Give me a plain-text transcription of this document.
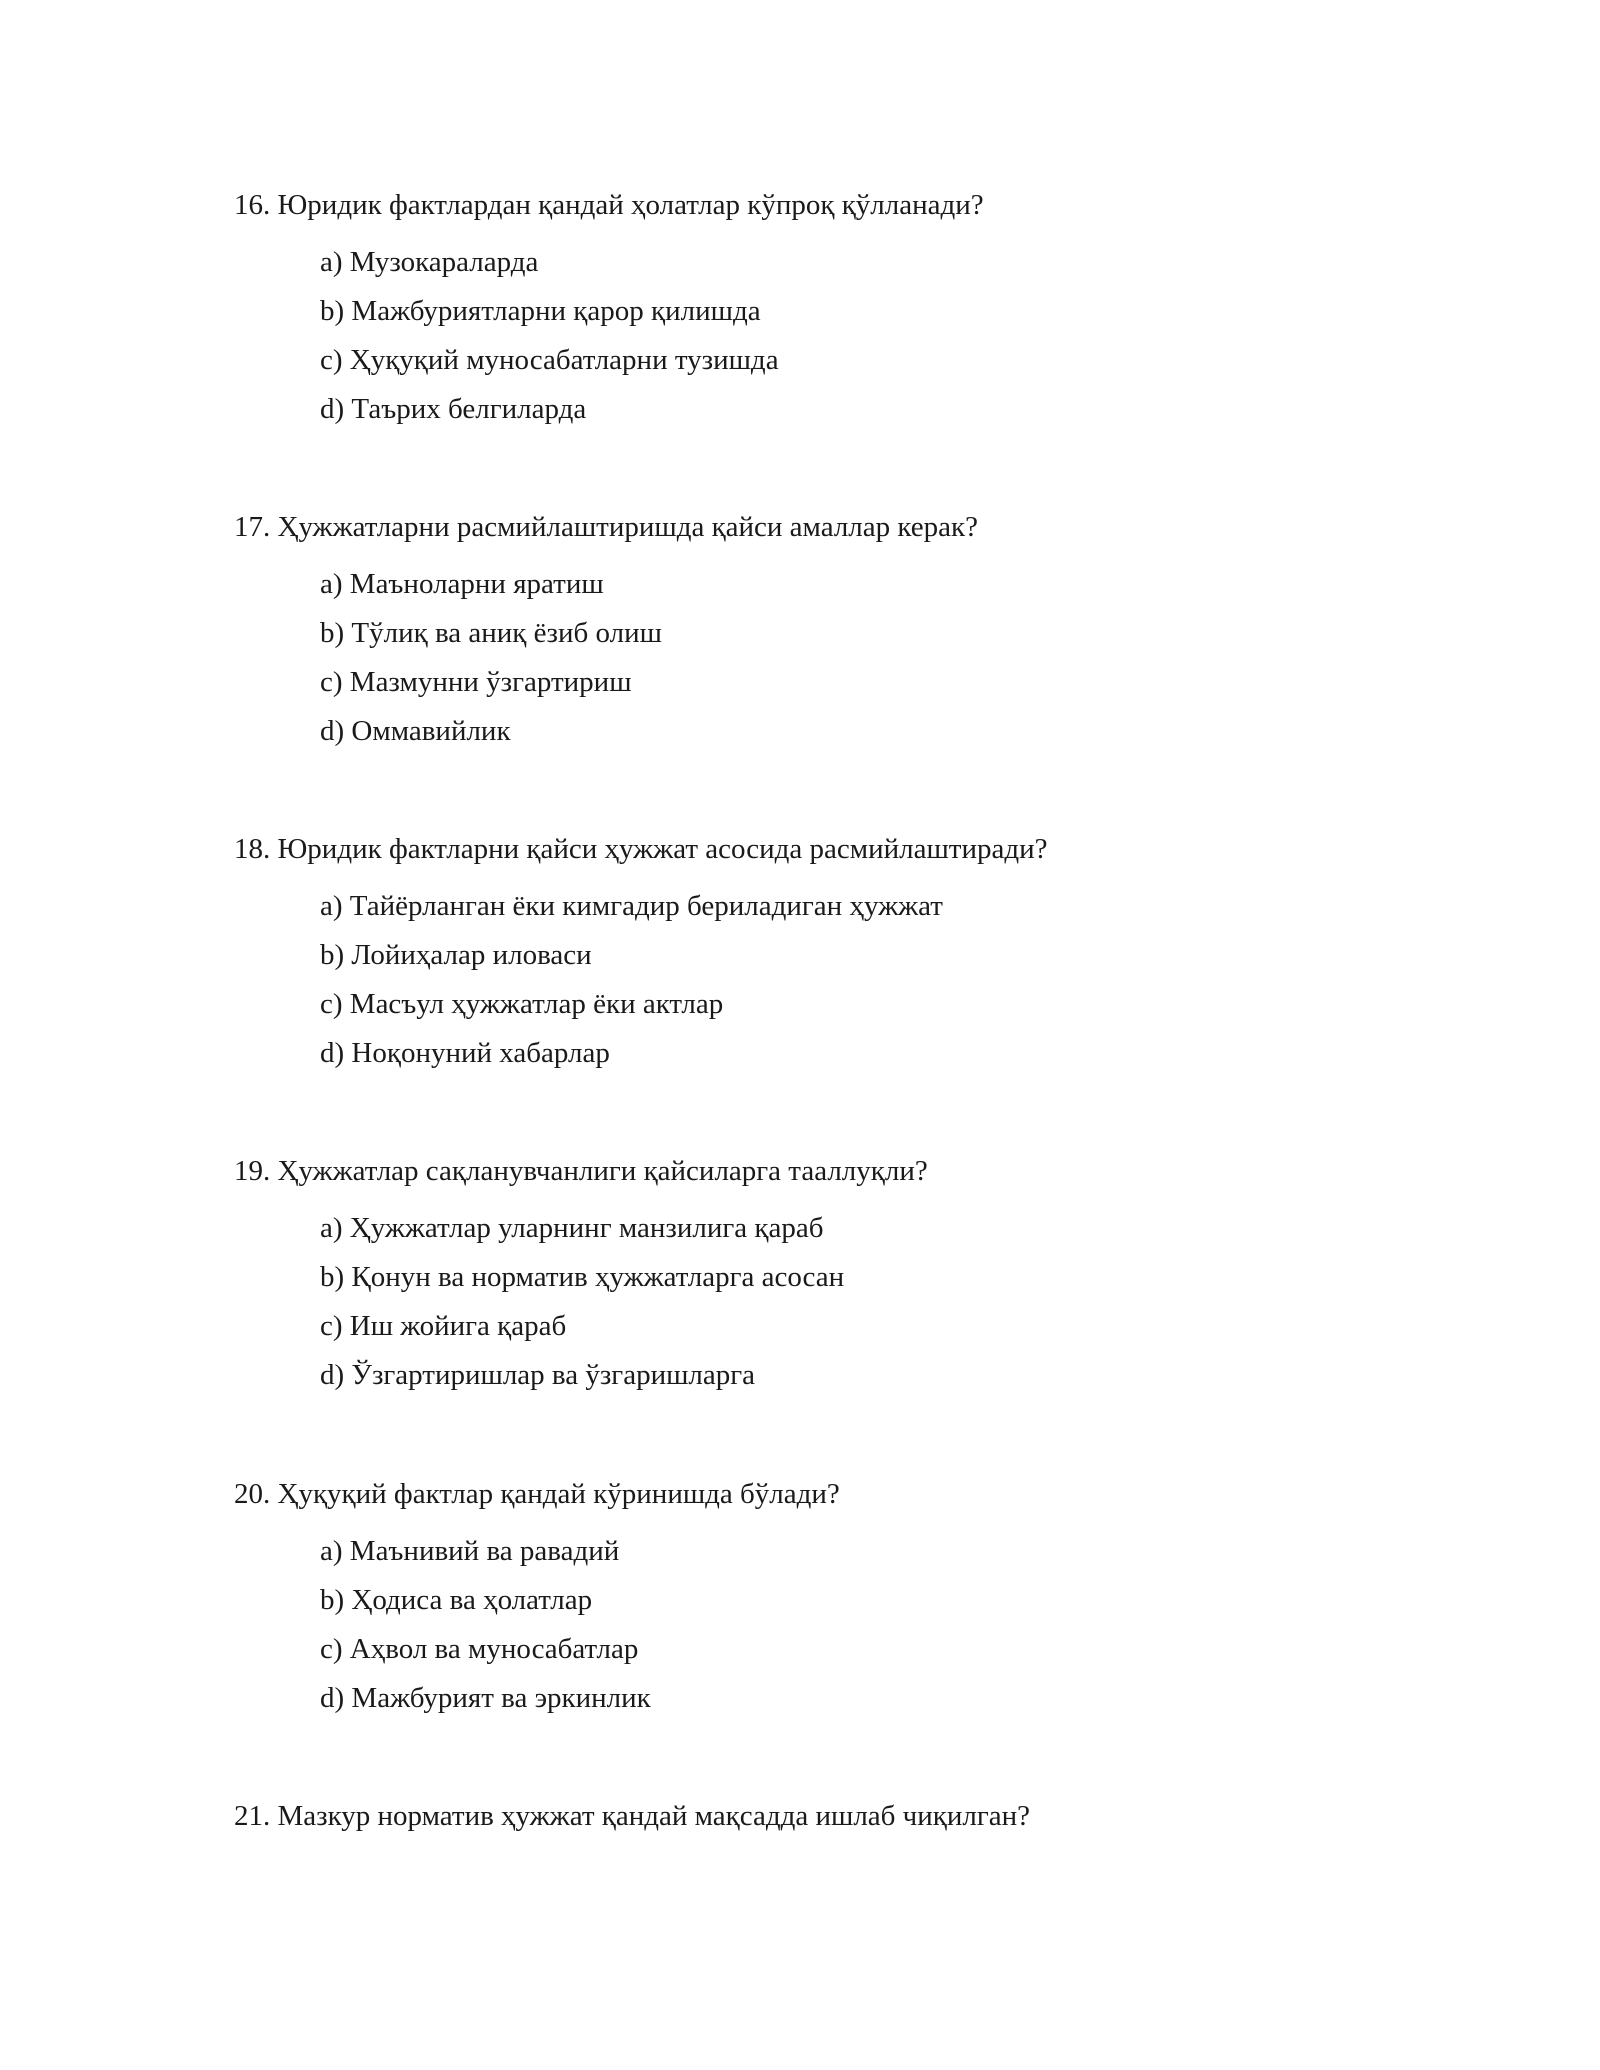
16. Юридик фактлардан қандай ҳолатлар кўпроқ қўлланади?
a) Музокараларда
b) Мажбуриятларни қарор қилишда
c) Ҳуқуқий муносабатларни тузишда
d) Таърих белгиларда
17. Ҳужжатларни расмийлаштиришда қайси амаллар керак?
a) Маъноларни яратиш
b) Тўлиқ ва аниқ ёзиб олиш
c) Мазмунни ўзгартириш
d) Оммавийлик
18. Юридик фактларни қайси ҳужжат асосида расмийлаштиради?
a) Тайёрланган ёки кимгадир бериладиган ҳужжат
b) Лойиҳалар иловаси
c) Масъул ҳужжатлар ёки актлар
d) Ноқонуний хабарлар
19. Ҳужжатлар сақланувчанлиги қайсиларга тааллуқли?
a) Ҳужжатлар уларнинг манзилига қараб
b) Қонун ва норматив ҳужжатларга асосан
c) Иш жойига қараб
d) Ўзгартиришлар ва ўзгаришларга
20. Ҳуқуқий фактлар қандай кўринишда бўлади?
a) Маънивий ва равадий
b) Ҳодиса ва ҳолатлар
c) Аҳвол ва муносабатлар
d) Мажбурият ва эркинлик
21. Мазкур норматив ҳужжат қандай мақсадда ишлаб чиқилган?
